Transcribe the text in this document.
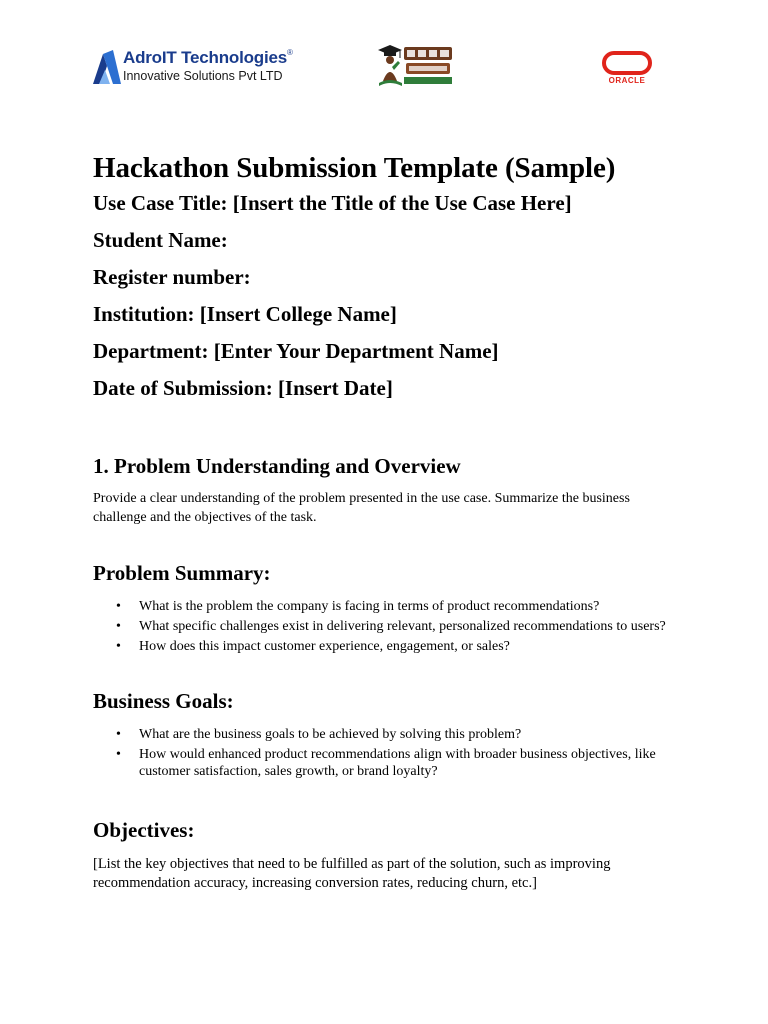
AdroIT Technologies®
Innovative Solutions Pvt LTD	ORACLE
Hackathon Submission Template (Sample)

Use Case Title: [Insert the Title of the Use Case Here]

Student Name:

Register number:

Institution: [Insert College Name]

Department: [Enter Your Department Name]

Date of Submission: [Insert Date]

1. Problem Understanding and Overview

Provide a clear understanding of the problem presented in the use case. Summarize the business challenge and the objectives of the task.

Problem Summary:
• What is the problem the company is facing in terms of product recommendations?
• What specific challenges exist in delivering relevant, personalized recommendations to users?
• How does this impact customer experience, engagement, or sales?
Business Goals:
• What are the business goals to be achieved by solving this problem?
• How would enhanced product recommendations align with broader business objectives, like customer satisfaction, sales growth, or brand loyalty?
Objectives:

[List the key objectives that need to be fulfilled as part of the solution, such as improving recommendation accuracy, increasing conversion rates, reducing churn, etc.]
